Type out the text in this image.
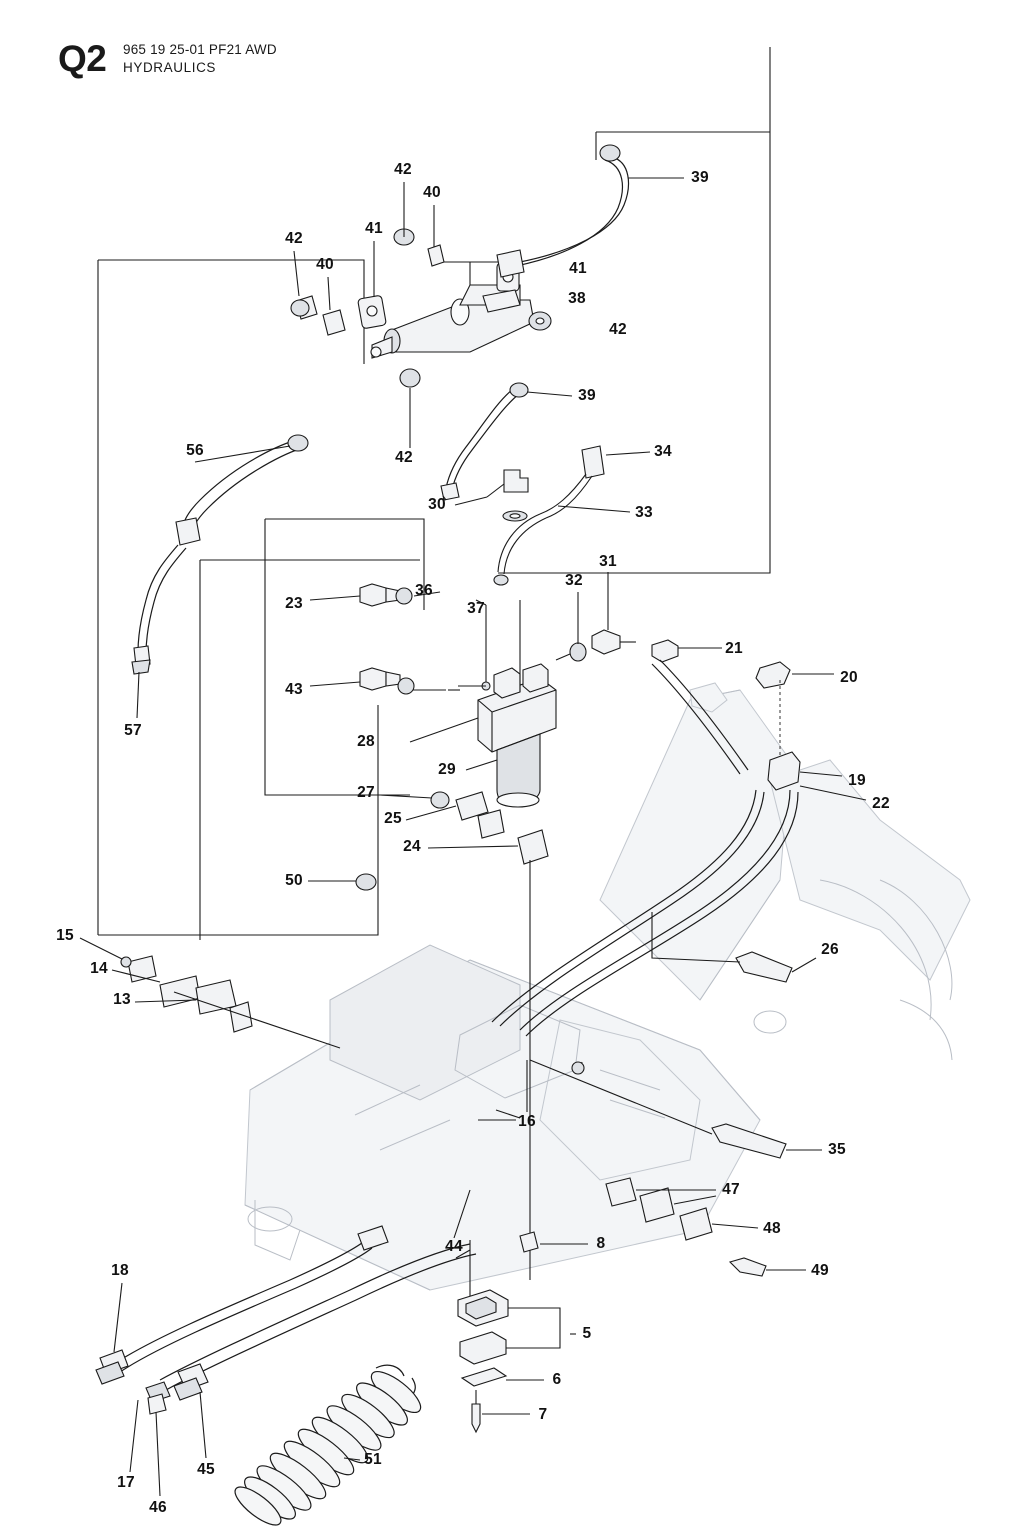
Q2 965 19 25-01 PF21 AWD
HYDRAULICS
42
40
39
41
42
41
40
38
42
39
42
56	34
30	33
31
32
36
23	37
21
20
43
57
28
29
19
22
27
25
24
50
15
26
14
13
16
35
47
8
48
44
49
18
5
6
7
45
17
51
46
